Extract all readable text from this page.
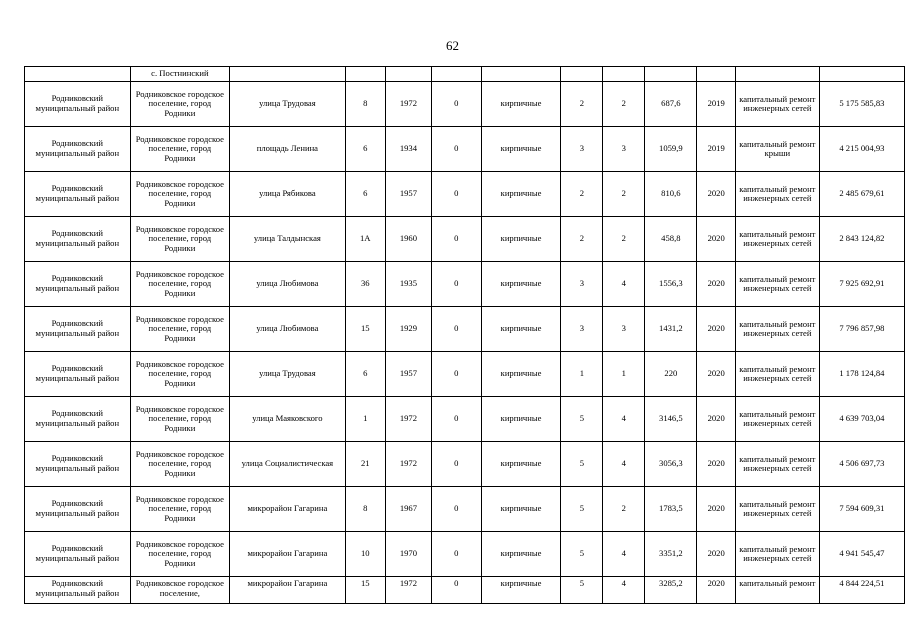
62
	с. Постнинский											
Родниковский муниципальный район	Родниковское городское поселение, город Родники	улица Трудовая	8	1972	0	кирпичные	2	2	687,6	2019	капитальный ремонт инженерных сетей	5 175 585,83
Родниковский муниципальный район	Родниковское городское поселение, город Родники	площадь Ленина	6	1934	0	кирпичные	3	3	1059,9	2019	капитальный ремонт крыши	4 215 004,93
Родниковский муниципальный район	Родниковское городское поселение, город Родники	улица Рябикова	6	1957	0	кирпичные	2	2	810,6	2020	капитальный ремонт инженерных сетей	2 485 679,61
Родниковский муниципальный район	Родниковское городское поселение, город Родники	улица Талдынская	1А	1960	0	кирпичные	2	2	458,8	2020	капитальный ремонт инженерных сетей	2 843 124,82
Родниковский муниципальный район	Родниковское городское поселение, город Родники	улица Любимова	36	1935	0	кирпичные	3	4	1556,3	2020	капитальный ремонт инженерных сетей	7 925 692,91
Родниковский муниципальный район	Родниковское городское поселение, город Родники	улица Любимова	15	1929	0	кирпичные	3	3	1431,2	2020	капитальный ремонт инженерных сетей	7 796 857,98
Родниковский муниципальный район	Родниковское городское поселение, город Родники	улица Трудовая	6	1957	0	кирпичные	1	1	220	2020	капитальный ремонт инженерных сетей	1 178 124,84
Родниковский муниципальный район	Родниковское городское поселение, город Родники	улица Маяковского	1	1972	0	кирпичные	5	4	3146,5	2020	капитальный ремонт инженерных сетей	4 639 703,04
Родниковский муниципальный район	Родниковское городское поселение, город Родники	улица Социалистическая	21	1972	0	кирпичные	5	4	3056,3	2020	капитальный ремонт инженерных сетей	4 506 697,73
Родниковский муниципальный район	Родниковское городское поселение, город Родники	микрорайон Гагарина	8	1967	0	кирпичные	5	2	1783,5	2020	капитальный ремонт инженерных сетей	7 594 609,31
Родниковский муниципальный район	Родниковское городское поселение, город Родники	микрорайон Гагарина	10	1970	0	кирпичные	5	4	3351,2	2020	капитальный ремонт инженерных сетей	4 941 545,47
Родниковский муниципальный район	Родниковское городское поселение,	микрорайон Гагарина	15	1972	0	кирпичные	5	4	3285,2	2020	капитальный ремонт	4 844 224,51
